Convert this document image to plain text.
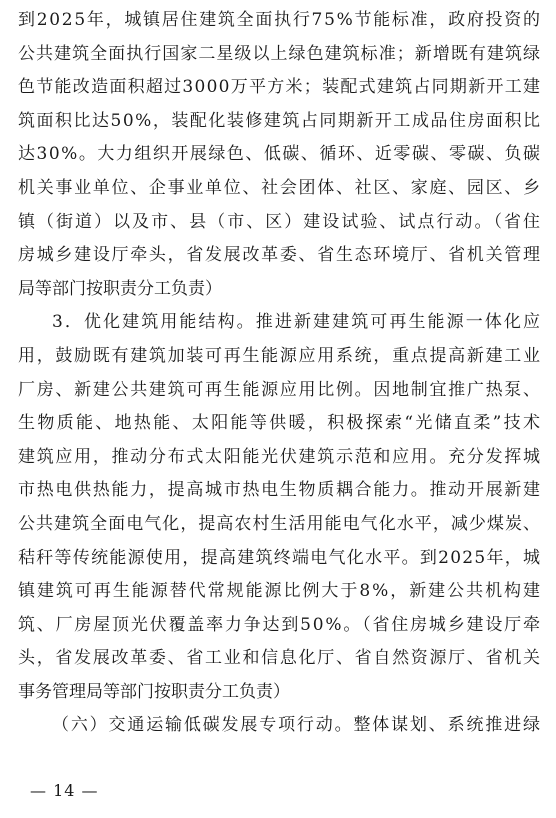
到2025年，城镇居住建筑全面执行75%节能标准，政府投资的
公共建筑全面执行国家二星级以上绿色建筑标准；新增既有建筑绿
色节能改造面积超过3000万平方米；装配式建筑占同期新开工建
筑面积比达50%，装配化装修建筑占同期新开工成品住房面积比
达30%。大力组织开展绿色、低碳、循环、近零碳、零碳、负碳
机关事业单位、企事业单位、社会团体、社区、家庭、园区、乡
镇（街道）以及市、县（市、区）建设试验、试点行动。（省住
房城乡建设厅牵头，省发展改革委、省生态环境厅、省机关管理
局等部门按职责分工负责）
3．优化建筑用能结构。推进新建建筑可再生能源一体化应
用，鼓励既有建筑加装可再生能源应用系统，重点提高新建工业
厂房、新建公共建筑可再生能源应用比例。因地制宜推广热泵、
生物质能、地热能、太阳能等供暖，积极探索“光储直柔”技术
建筑应用，推动分布式太阳能光伏建筑示范和应用。充分发挥城
市热电供热能力，提高城市热电生物质耦合能力。推动开展新建
公共建筑全面电气化，提高农村生活用能电气化水平，减少煤炭、
秸秆等传统能源使用，提高建筑终端电气化水平。到2025年，城
镇建筑可再生能源替代常规能源比例大于8%，新建公共机构建
筑、厂房屋顶光伏覆盖率力争达到50%。（省住房城乡建设厅牵
头，省发展改革委、省工业和信息化厅、省自然资源厅、省机关
事务管理局等部门按职责分工负责）
（六）交通运输低碳发展专项行动。整体谋划、系统推进绿
— 14 —
